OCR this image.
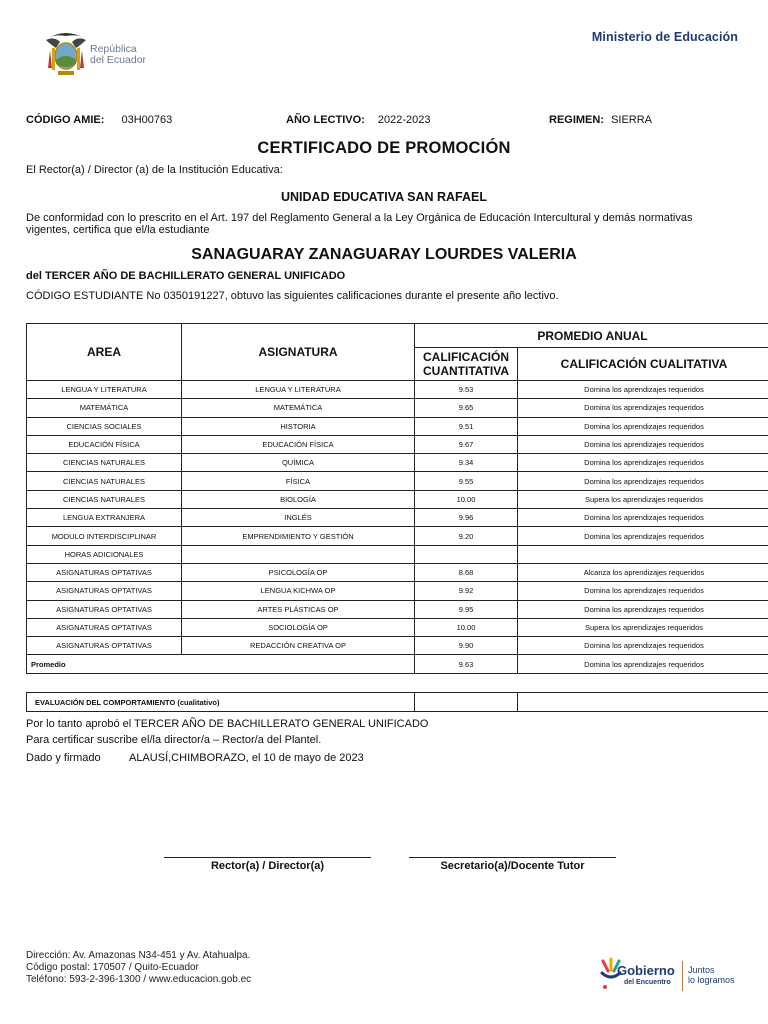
República
del Ecuador
Ministerio de Educación
CÓDIGO AMIE: 03H00763	AÑO LECTIVO: 2022-2023	REGIMEN: SIERRA
CERTIFICADO DE PROMOCIÓN
El Rector(a) / Director (a) de la Institución Educativa:
UNIDAD EDUCATIVA SAN RAFAEL
De conformidad con lo prescrito en el Art. 197 del Reglamento General a la Ley Orgánica de Educación Intercultural y demás normativas
vigentes, certifica que el/la estudiante
SANAGUARAY ZANAGUARAY LOURDES VALERIA
del TERCER AÑO DE BACHILLERATO GENERAL UNIFICADO
CÓDIGO ESTUDIANTE No 0350191227, obtuvo las siguientes calificaciones durante el presente año lectivo.
AREA	ASIGNATURA	PROMEDIO ANUAL	
		CALIFICACIÓN CUANTITATIVA	CALIFICACIÓN CUALITATIVA
LENGUA Y LITERATURA	LENGUA Y LITERATURA	9.53	Domina los aprendizajes requeridos
MATEMÁTICA	MATEMÁTICA	9.65	Domina los aprendizajes requeridos
CIENCIAS SOCIALES	HISTORIA	9.51	Domina los aprendizajes requeridos
EDUCACIÓN FÍSICA	EDUCACIÓN FÍSICA	9.67	Domina los aprendizajes requeridos
CIENCIAS NATURALES	QUÍMICA	9.34	Domina los aprendizajes requeridos
CIENCIAS NATURALES	FÍSICA	9.55	Domina los aprendizajes requeridos
CIENCIAS NATURALES	BIOLOGÍA	10.00	Supera los aprendizajes requeridos
LENGUA EXTRANJERA	INGLÉS	9.96	Domina los aprendizajes requeridos
MODULO INTERDISCIPLINAR	EMPRENDIMIENTO Y GESTIÓN	9.20	Domina los aprendizajes requeridos
HORAS ADICIONALES			
ASIGNATURAS OPTATIVAS	PSICOLOGÍA OP	8.68	Alcanza los aprendizajes requeridos
ASIGNATURAS OPTATIVAS	LENGUA KICHWA OP	9.92	Domina los aprendizajes requeridos
ASIGNATURAS OPTATIVAS	ARTES PLÁSTICAS OP	9.95	Domina los aprendizajes requeridos
ASIGNATURAS OPTATIVAS	SOCIOLOGÍA OP	10.00	Supera los aprendizajes requeridos
ASIGNATURAS OPTATIVAS	REDACCIÓN CREATIVA OP	9.90	Domina los aprendizajes requeridos
Promedio		9.63	Domina los aprendizajes requeridos
EVALUACIÓN DEL COMPORTAMIENTO (cualitativo)		
Por lo tanto aprobó el TERCER AÑO DE BACHILLERATO GENERAL UNIFICADO
Para certificar suscribe el/la director/a – Rector/a del Plantel.
Dado y firmado	ALAUSÍ,CHIMBORAZO, el 10 de mayo de 2023
Rector(a) / Director(a)	Secretario(a)/Docente Tutor
Dirección: Av. Amazonas N34-451 y Av. Atahualpa.
Código postal: 170507 / Quito-Ecuador
Teléfono: 593-2-396-1300 / www.educacion.gob.ec
Gobierno
del Encuentro
Juntos
lo logramos
